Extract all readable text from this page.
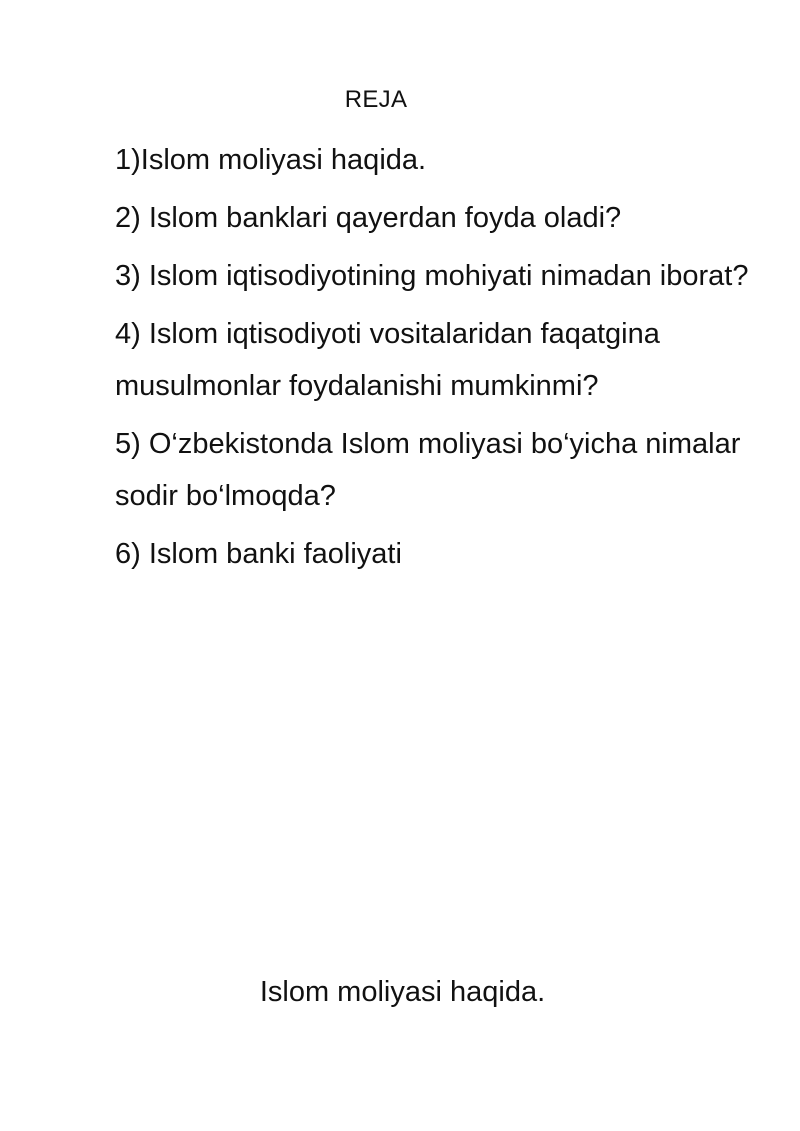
REJA
1)Islom moliyasi haqida.
2) Islom banklari qayerdan foyda oladi?
3) Islom iqtisodiyotining mohiyati nimadan iborat?
4) Islom iqtisodiyoti vositalaridan faqatgina musulmonlar foydalanishi mumkinmi?
5) O‘zbekistonda Islom moliyasi bo‘yicha nimalar sodir bo‘lmoqda?
6) Islom banki faoliyati
Islom moliyasi haqida.
